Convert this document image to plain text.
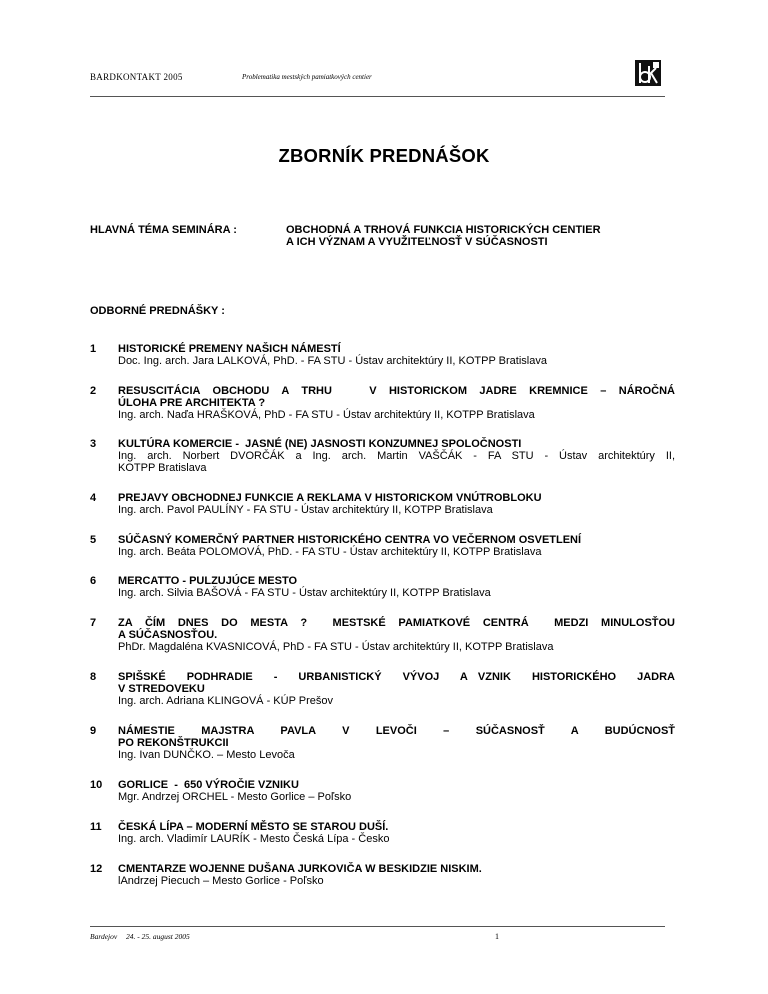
BARDKONTAKT 2005	Problematika mestských pamiatkových centier
ZBORNÍK PREDNÁŠOK
HLAVNÁ TÉMA SEMINÁRA :	OBCHODNÁ A TRHOVÁ FUNKCIA HISTORICKÝCH CENTIER
A ICH VÝZNAM A VYUŽITEĽNOSŤ V SÚČASNOSTI
ODBORNÉ PREDNÁŠKY :
1 HISTORICKÉ PREMENY NAŠICH NÁMESTÍ
Doc. Ing. arch. Jara LALKOVÁ, PhD. - FA STU - Ústav architektúry II, KOTPP Bratislava
2 RESUSCITÁCIA OBCHODU A TRHU   V HISTORICKOM JADRE KREMNICE – NÁROČNÁ
ÚLOHA PRE ARCHITEKTA ?
Ing. arch. Naďa HRAŠKOVÁ, PhD - FA STU - Ústav architektúry II, KOTPP Bratislava
3 KULTÚRA KOMERCIE -  JASNÉ (NE) JASNOSTI KONZUMNEJ SPOLOČNOSTI
Ing. arch. Norbert DVORČÁK a Ing. arch. Martin VAŠČÁK - FA STU - Ústav architektúry II,
KOTPP Bratislava
4 PREJAVY OBCHODNEJ FUNKCIE A REKLAMA V HISTORICKOM VNÚTROBLOKU
Ing. arch. Pavol PAULÍNY - FA STU - Ústav architektúry II, KOTPP Bratislava
5 SÚČASNÝ KOMERČNÝ PARTNER HISTORICKÉHO CENTRA VO VEČERNOM OSVETLENÍ
Ing. arch. Beáta POLOMOVÁ, PhD. - FA STU - Ústav architektúry II, KOTPP Bratislava
6 MERCATTO - PULZUJÚCE MESTO
Ing. arch. Silvia BAŠOVÁ - FA STU - Ústav architektúry II, KOTPP Bratislava
7 ZA ČÍM DNES DO MESTA ?  MESTSKÉ PAMIATKOVÉ CENTRÁ  MEDZI MINULOSŤOU
A SÚČASNOSŤOU.
PhDr. Magdaléna KVASNICOVÁ, PhD - FA STU - Ústav architektúry II, KOTPP Bratislava
8 SPIŠSKÉ  PODHRADIE  -  URBANISTICKÝ  VÝVOJ  A VZNIK  HISTORICKÉHO  JADRA
V STREDOVEKU
Ing. arch. Adriana KLINGOVÁ - KÚP Prešov
9 NÁMESTIE MAJSTRA PAVLA V LEVOČI – SÚČASNOSŤ A BUDÚCNOSŤ
PO REKONŠTRUKCII
Ing. Ivan DUNČKO. – Mesto Levoča
10 GORLICE  -  650 VÝROČIE VZNIKU
Mgr. Andrzej ORCHEL - Mesto Gorlice – Poľsko
11 ČESKÁ LÍPA – MODERNÍ MĚSTO SE STAROU DUŠÍ.
Ing. arch. Vladimír LAURÍK - Mesto Česká Lípa - Česko
12 CMENTARZE WOJENNE DUŠANA JURKOVIČA W BESKIDZIE NISKIM.
lAndrzej Piecuch – Mesto Gorlice - Poľsko
Bardejov 24. - 25. august 2005	1
